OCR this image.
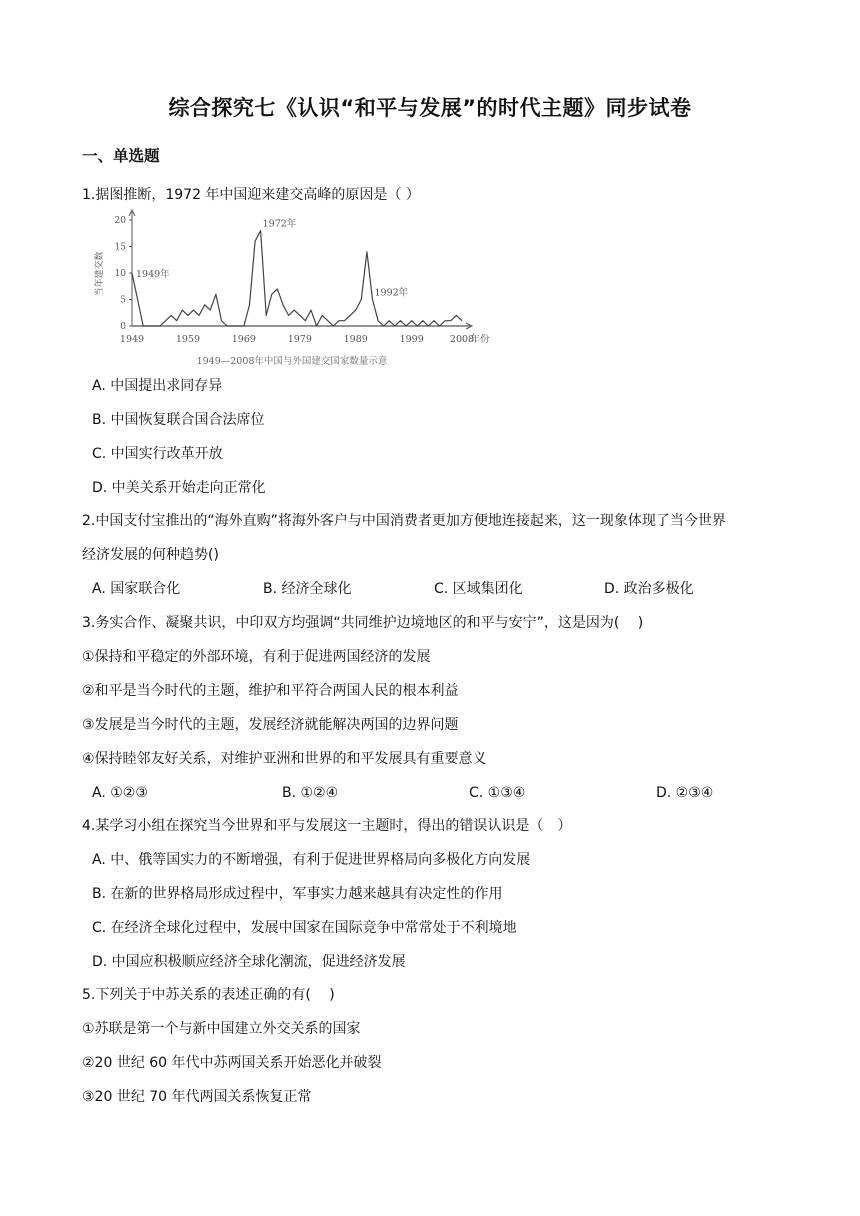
综合探究七《认识“和平与发展”的时代主题》同步试卷
一、单选题
1.据图推断，1972 年中国迎来建交高峰的原因是（ ）
0
5
10
15
20
当年建交数
1949	1959	1969	1979	1989	1999	2008
年份
1949年
1972年
1992年
1949—2008年中国与外国建交国家数量示意
A. 中国提出求同存异
B. 中国恢复联合国合法席位
C. 中国实行改革开放
D. 中美关系开始走向正常化
2.中国支付宝推出的“海外直购”将海外客户与中国消费者更加方便地连接起来，这一现象体现了当今世界
经济发展的何种趋势()
A. 国家联合化	B. 经济全球化	C. 区域集团化	D. 政治多极化
3.务实合作、凝聚共识，中印双方均强调“共同维护边境地区的和平与安宁”，这是因为(　 )
①保持和平稳定的外部环境，有利于促进两国经济的发展
②和平是当今时代的主题，维护和平符合两国人民的根本利益
③发展是当今时代的主题，发展经济就能解决两国的边界问题
④保持睦邻友好关系，对维护亚洲和世界的和平发展具有重要意义
A. ①②③	B. ①②④	C. ①③④	D. ②③④
4.某学习小组在探究当今世界和平与发展这一主题时，得出的错误认识是（　）
A. 中、俄等国实力的不断增强，有利于促进世界格局向多极化方向发展
B. 在新的世界格局形成过程中，军事实力越来越具有决定性的作用
C. 在经济全球化过程中，发展中国家在国际竞争中常常处于不利境地
D. 中国应积极顺应经济全球化潮流，促进经济发展
5.下列关于中苏关系的表述正确的有(　 )
①苏联是第一个与新中国建立外交关系的国家
②20 世纪 60 年代中苏两国关系开始恶化并破裂
③20 世纪 70 年代两国关系恢复正常
